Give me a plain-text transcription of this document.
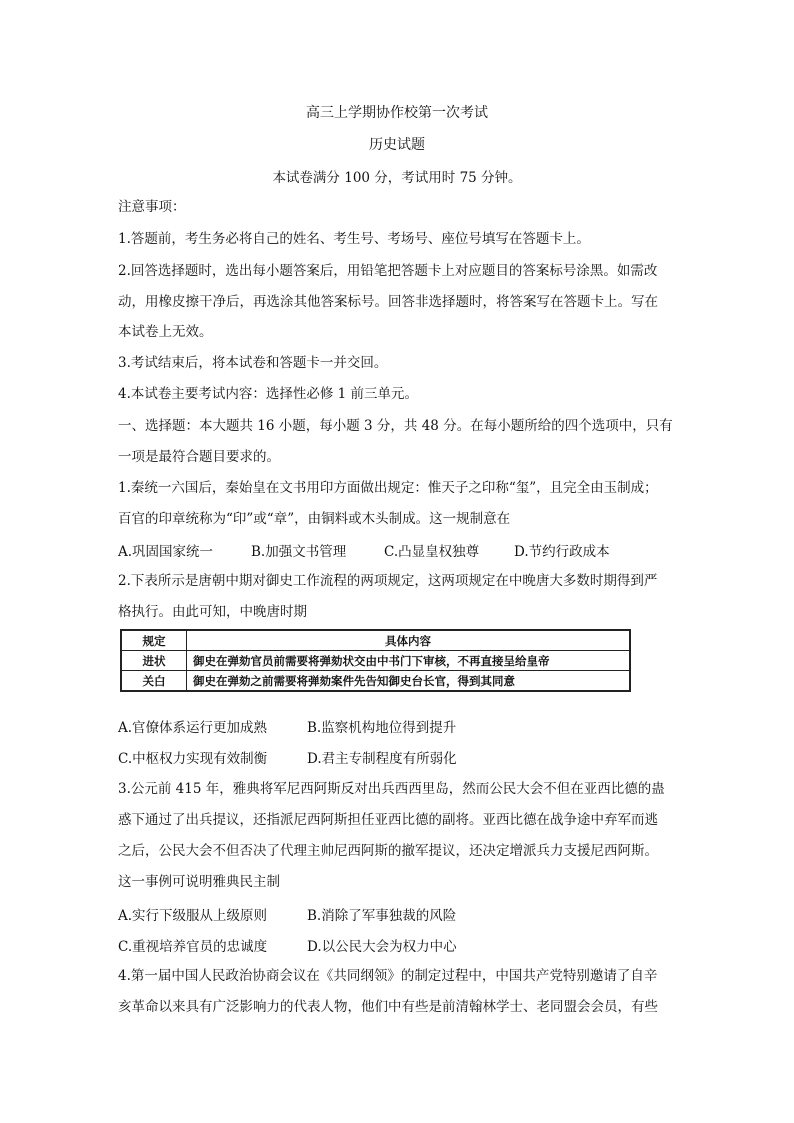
高三上学期协作校第一次考试
历史试题
本试卷满分 100 分，考试用时 75 分钟。
注意事项：
1.答题前，考生务必将自己的姓名、考生号、考场号、座位号填写在答题卡上。
2.回答选择题时，选出每小题答案后，用铅笔把答题卡上对应题目的答案标号涂黑。如需改
动，用橡皮擦干净后，再选涂其他答案标号。回答非选择题时，将答案写在答题卡上。写在
本试卷上无效。
3.考试结束后，将本试卷和答题卡一并交回。
4.本试卷主要考试内容：选择性必修 1 前三单元。
一、选择题：本大题共 16 小题，每小题 3 分，共 48 分。在每小题所给的四个选项中，只有
一项是最符合题目要求的。
1.秦统一六国后，秦始皇在文书用印方面做出规定：惟天子之印称“玺”，且完全由玉制成；
百官的印章统称为“印”或“章”，由铜料或木头制成。这一规制意在
A.巩固国家统一	B.加强文书管理	C.凸显皇权独尊	D.节约行政成本
2.下表所示是唐朝中期对御史工作流程的两项规定，这两项规定在中晚唐大多数时期得到严
格执行。由此可知，中晚唐时期
规定	具体内容
进状	御史在弹劾官员前需要将弹劾状交由中书门下审核，不再直接呈给皇帝
关白	御史在弹劾之前需要将弹劾案件先告知御史台长官，得到其同意
A.官僚体系运行更加成熟	B.监察机构地位得到提升
C.中枢权力实现有效制衡	D.君主专制程度有所弱化
3.公元前 415 年，雅典将军尼西阿斯反对出兵西西里岛，然而公民大会不但在亚西比德的蛊
惑下通过了出兵提议，还指派尼西阿斯担任亚西比德的副将。亚西比德在战争途中弃军而逃
之后，公民大会不但否决了代理主帅尼西阿斯的撤军提议，还决定增派兵力支援尼西阿斯。
这一事例可说明雅典民主制
A.实行下级服从上级原则	B.消除了军事独裁的风险
C.重视培养官员的忠诚度	D.以公民大会为权力中心
4.第一届中国人民政治协商会议在《共同纲领》的制定过程中，中国共产党特别邀请了自辛
亥革命以来具有广泛影响力的代表人物，他们中有些是前清翰林学士、老同盟会会员，有些
